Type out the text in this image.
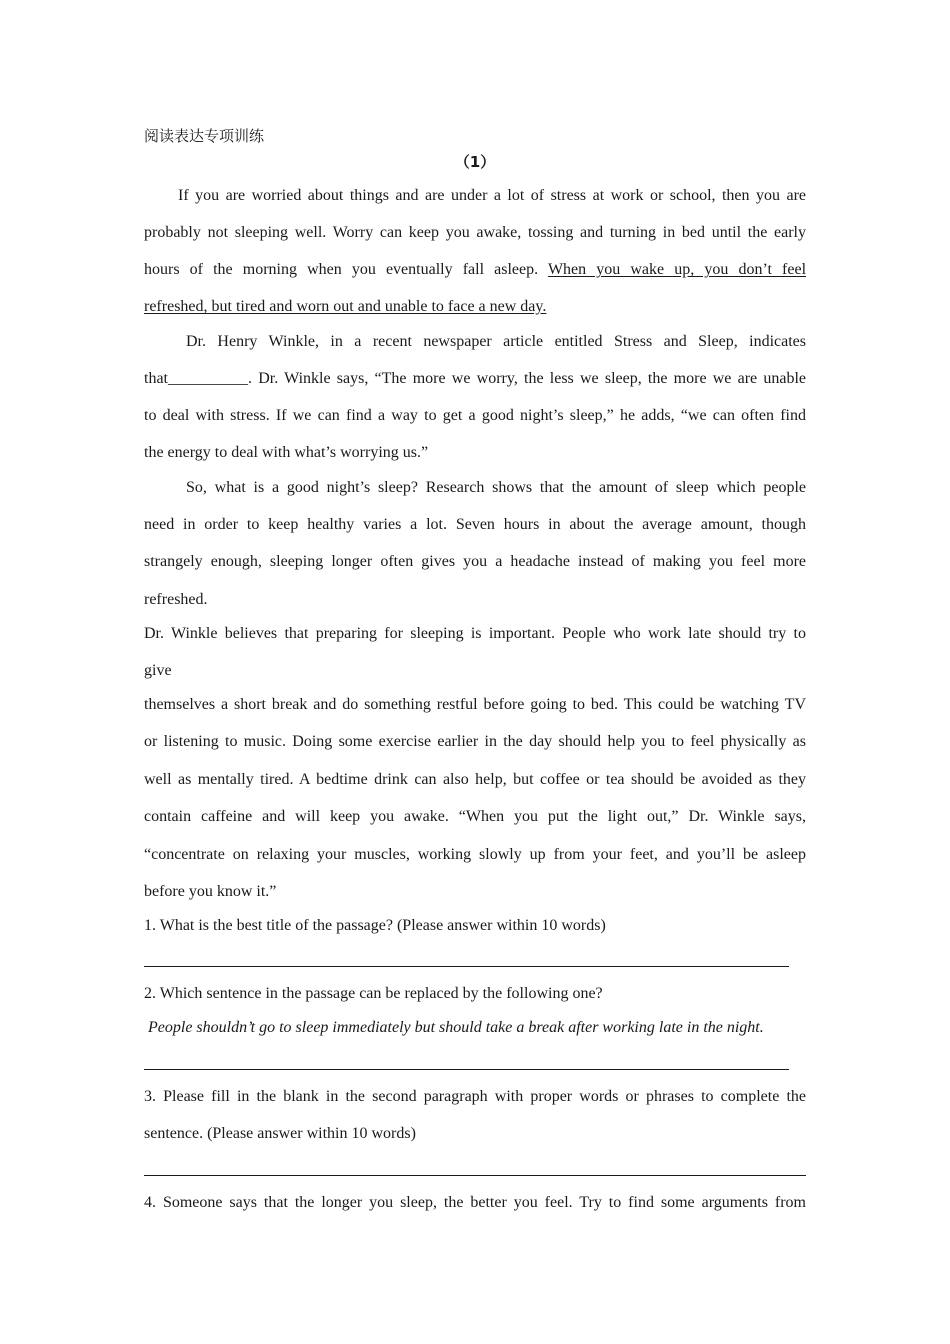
阅读表达专项训练
（1）
If you are worried about things and are under a lot of stress at work or school, then you are
probably not sleeping well. Worry can keep you awake, tossing and turning in bed until the early
hours of the morning when you eventually fall asleep. When you wake up, you don’t feel
refreshed, but tired and worn out and unable to face a new day.
Dr. Henry Winkle, in a recent newspaper article entitled Stress and Sleep, indicates
that__________. Dr. Winkle says, “The more we worry, the less we sleep, the more we are unable
to deal with stress. If we can find a way to get a good night’s sleep,” he adds, “we can often find
the energy to deal with what’s worrying us.”
So, what is a good night’s sleep? Research shows that the amount of sleep which people
need in order to keep healthy varies a lot. Seven hours in about the average amount, though
strangely enough, sleeping longer often gives you a headache instead of making you feel more
refreshed.
Dr. Winkle believes that preparing for sleeping is important. People who work late should try to
give
themselves a short break and do something restful before going to bed. This could be watching TV
or listening to music. Doing some exercise earlier in the day should help you to feel physically as
well as mentally tired. A bedtime drink can also help, but coffee or tea should be avoided as they
contain caffeine and will keep you awake. “When you put the light out,” Dr. Winkle says,
“concentrate on relaxing your muscles, working slowly up from your feet, and you’ll be asleep
before you know it.”
1. What is the best title of the passage? (Please answer within 10 words)
2. Which sentence in the passage can be replaced by the following one?
People shouldn’t go to sleep immediately but should take a break after working late in the night.
3. Please fill in the blank in the second paragraph with proper words or phrases to complete the
sentence. (Please answer within 10 words)
4. Someone says that the longer you sleep, the better you feel. Try to find some arguments from
